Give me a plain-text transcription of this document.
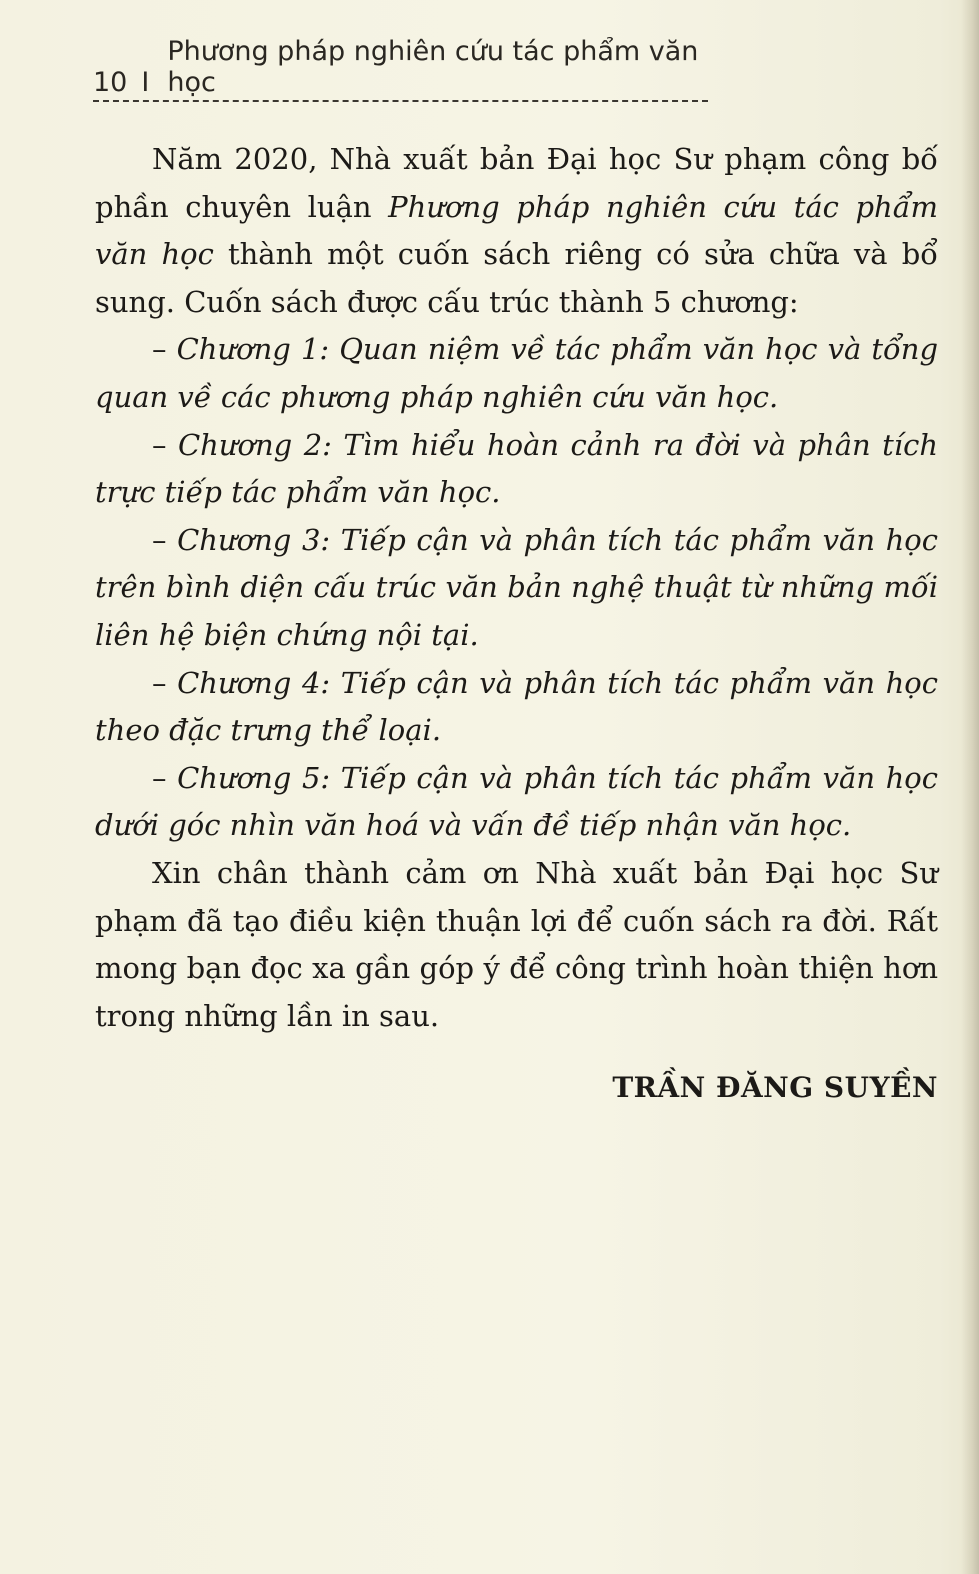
10 I
Phương pháp nghiên cứu tác phẩm văn học

Năm 2020, Nhà xuất bản Đại học Sư phạm công bố phần chuyên luận Phương pháp nghiên cứu tác phẩm văn học thành một cuốn sách riêng có sửa chữa và bổ sung. Cuốn sách được cấu trúc thành 5 chương:

– Chương 1: Quan niệm về tác phẩm văn học và tổng quan về các phương pháp nghiên cứu văn học.

– Chương 2: Tìm hiểu hoàn cảnh ra đời và phân tích trực tiếp tác phẩm văn học.

– Chương 3: Tiếp cận và phân tích tác phẩm văn học trên bình diện cấu trúc văn bản nghệ thuật từ những mối liên hệ biện chứng nội tại.

– Chương 4: Tiếp cận và phân tích tác phẩm văn học theo đặc trưng thể loại.

– Chương 5: Tiếp cận và phân tích tác phẩm văn học dưới góc nhìn văn hoá và vấn đề tiếp nhận văn học.

Xin chân thành cảm ơn Nhà xuất bản Đại học Sư phạm đã tạo điều kiện thuận lợi để cuốn sách ra đời. Rất mong bạn đọc xa gần góp ý để công trình hoàn thiện hơn trong những lần in sau.

TRẦN ĐĂNG SUYỀN
